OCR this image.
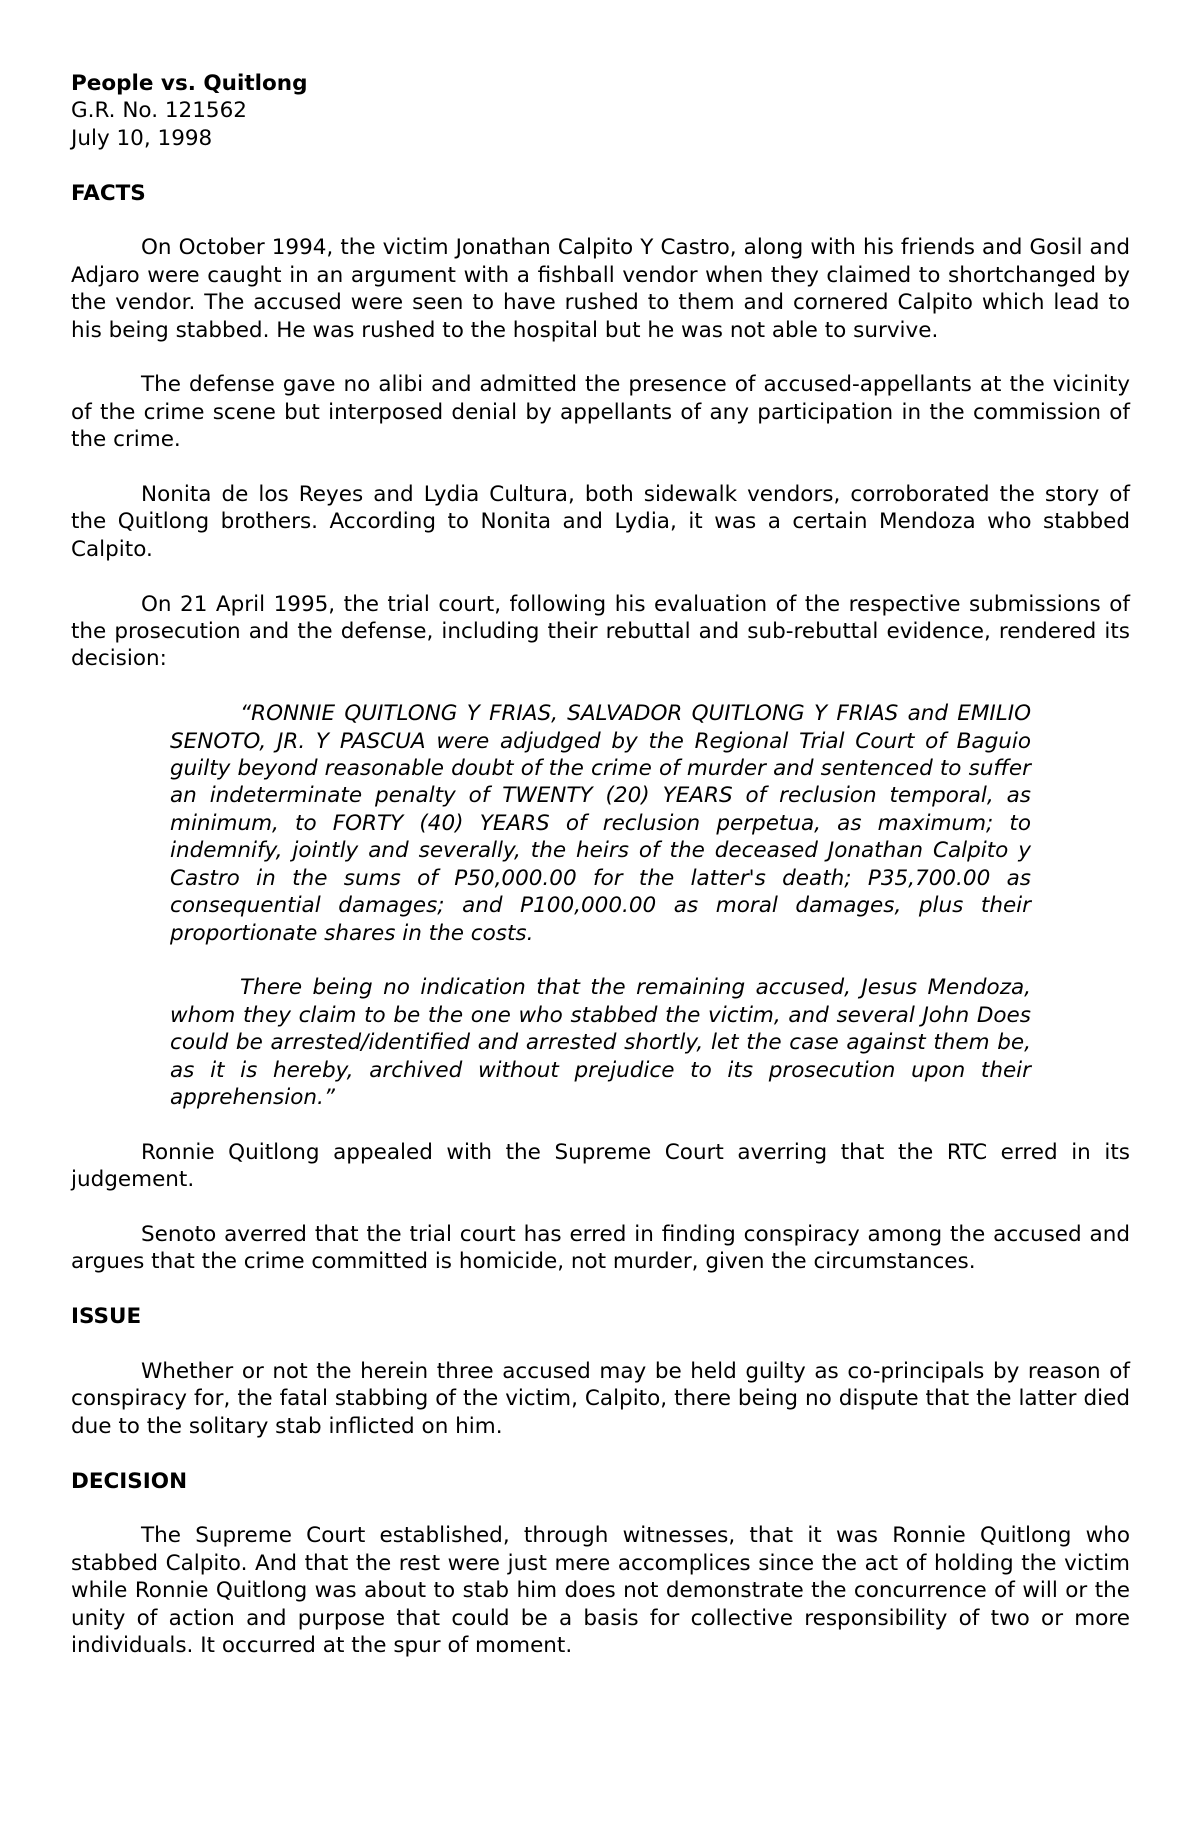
People vs. Quitlong

G.R. No. 121562

July 10, 1998

FACTS

On October 1994, the victim Jonathan Calpito Y Castro, along with his friends and Gosil and Adjaro were caught in an argument with a fishball vendor when they claimed to shortchanged by the vendor. The accused were seen to have rushed to them and cornered Calpito which lead to his being stabbed. He was rushed to the hospital but he was not able to survive.

The defense gave no alibi and admitted the presence of accused-appellants at the vicinity of the crime scene but interposed denial by appellants of any participation in the commission of the crime.

Nonita de los Reyes and Lydia Cultura, both sidewalk vendors, corroborated the story of the Quitlong brothers. According to Nonita and Lydia, it was a certain Mendoza who stabbed Calpito.

On 21 April 1995, the trial court, following his evaluation of the respective submissions of the prosecution and the defense, including their rebuttal and sub-rebuttal evidence, rendered its decision:

“RONNIE QUITLONG Y FRIAS, SALVADOR QUITLONG Y FRIAS and EMILIO SENOTO, JR. Y PASCUA were adjudged by the Regional Trial Court of Baguio guilty beyond reasonable doubt of the crime of murder and sentenced to suffer an indeterminate penalty of TWENTY (20) YEARS of reclusion temporal, as minimum, to FORTY (40) YEARS of reclusion perpetua, as maximum; to indemnify, jointly and severally, the heirs of the deceased Jonathan Calpito y Castro in the sums of P50,000.00 for the latter's death; P35,700.00 as consequential damages; and P100,000.00 as moral damages, plus their proportionate shares in the costs.

There being no indication that the remaining accused, Jesus Mendoza, whom they claim to be the one who stabbed the victim, and several John Does could be arrested/identified and arrested shortly, let the case against them be, as it is hereby, archived without prejudice to its prosecution upon their apprehension.”

Ronnie Quitlong appealed with the Supreme Court averring that the RTC erred in its judgement.

Senoto averred that the trial court has erred in finding conspiracy among the accused and argues that the crime committed is homicide, not murder, given the circumstances.

ISSUE

Whether or not the herein three accused may be held guilty as co-principals by reason of conspiracy for, the fatal stabbing of the victim, Calpito, there being no dispute that the latter died due to the solitary stab inflicted on him.

DECISION

The Supreme Court established, through witnesses, that it was Ronnie Quitlong who stabbed Calpito. And that the rest were just mere accomplices since the act of holding the victim while Ronnie Quitlong was about to stab him does not demonstrate the concurrence of will or the unity of action and purpose that could be a basis for collective responsibility of two or more individuals. It occurred at the spur of moment.
